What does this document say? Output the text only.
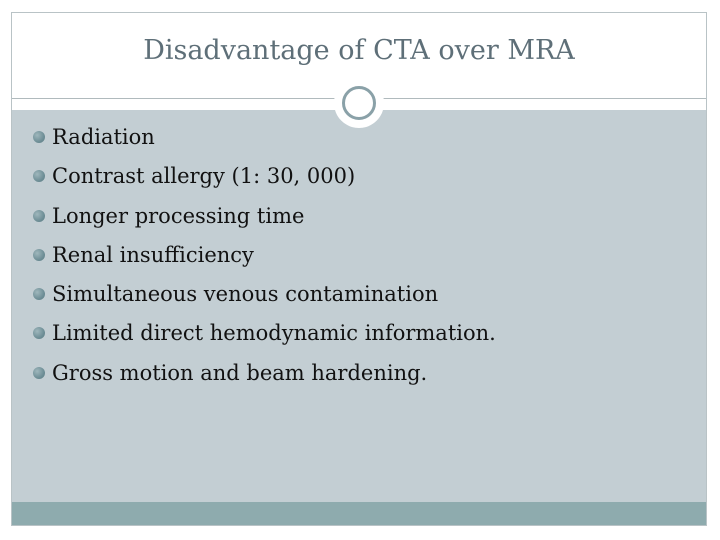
Disadvantage of CTA over MRA
Radiation
Contrast allergy (1: 30, 000)
Longer processing time
Renal insufficiency
Simultaneous venous contamination
Limited direct hemodynamic information.
Gross motion and beam hardening.
